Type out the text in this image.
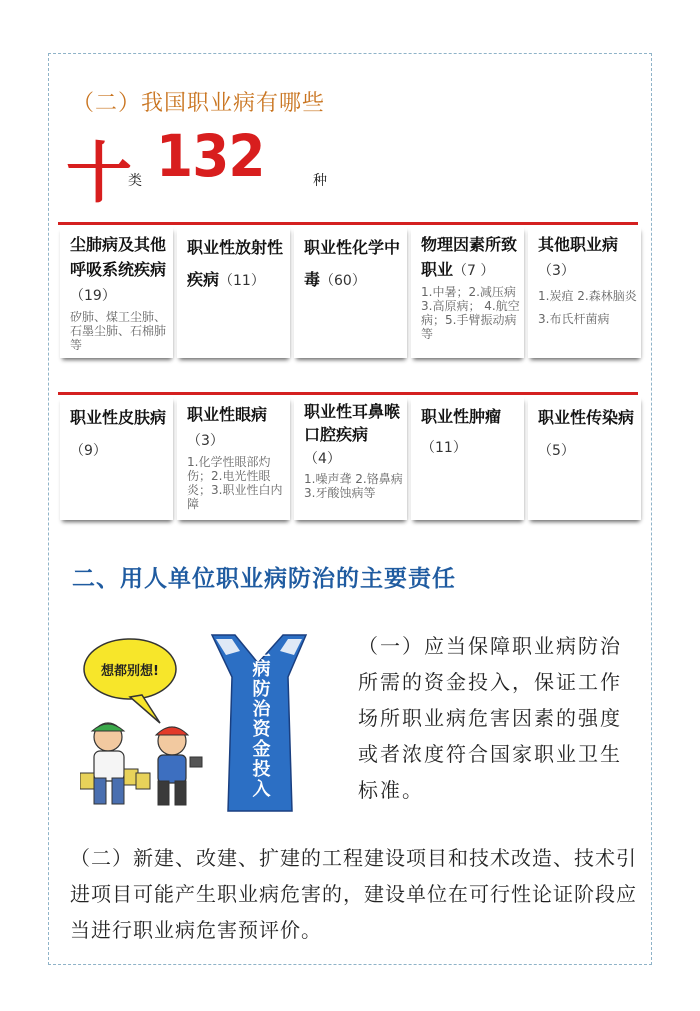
（二）我国职业病有哪些
十
类 132	种
尘肺病及其他呼吸系统疾病（19）
矽肺、煤工尘肺、石墨尘肺、石棉肺等
职业性放射性疾病（11）
职业性化学中毒（60）
物理因素所致职业（7 ）
1.中暑；2.减压病 3.高原病； 4.航空病；5.手臂振动病等
其他职业病（3）
1.炭疽 2.森林脑炎 3.布氏杆菌病
职业性皮肤病（9）
职业性眼病（3）
1.化学性眼部灼伤；2.电光性眼炎；3.职业性白内障
职业性耳鼻喉口腔疾病（4）
1.噪声聋 2.铬鼻病 3.牙酸蚀病等
职业性肿瘤（11）
职业性传染病（5）
二、用人单位职业病防治的主要责任
想都别想!	职业病防治资金投入	（一）应当保障职业病防治所需的资金投入，保证工作场所职业病危害因素的强度或者浓度符合国家职业卫生标准。
（二）新建、改建、扩建的工程建设项目和技术改造、技术引进项目可能产生职业病危害的，建设单位在可行性论证阶段应当进行职业病危害预评价。
